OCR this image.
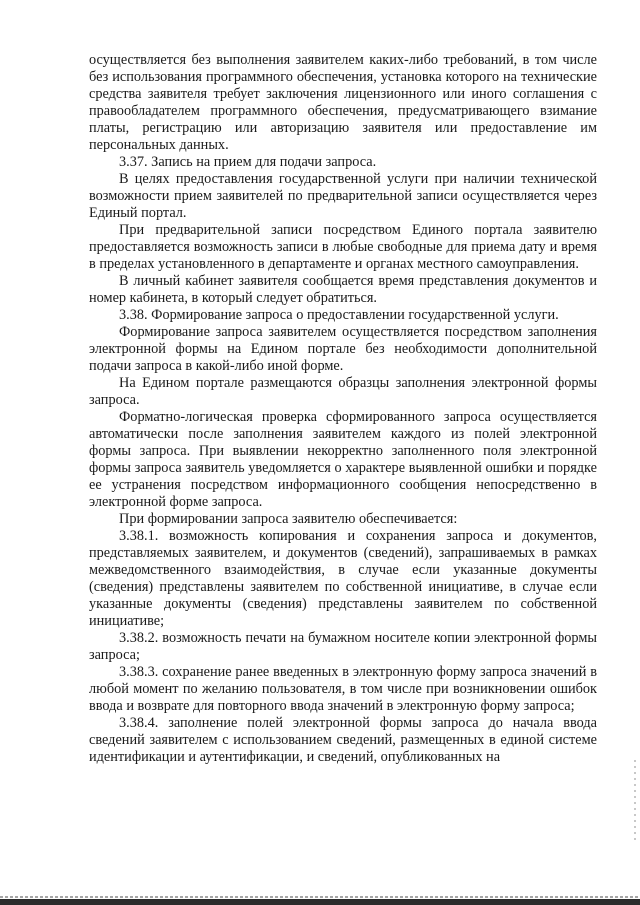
осуществляется без выполнения заявителем каких-либо требований, в том числе без использования программного обеспечения, установка которого на технические средства заявителя требует заключения лицензионного или иного соглашения с правообладателем программного обеспечения, предусматривающего взимание платы, регистрацию или авторизацию заявителя или предоставление им персональных данных.

3.37. Запись на прием для подачи запроса.

В целях предоставления государственной услуги при наличии технической возможности прием заявителей по предварительной записи осуществляется через Единый портал.

При предварительной записи посредством Единого портала заявителю предоставляется возможность записи в любые свободные для приема дату и время в пределах установленного в департаменте и органах местного самоуправления.

В личный кабинет заявителя сообщается время представления документов и номер кабинета, в который следует обратиться.

3.38. Формирование запроса о предоставлении государственной услуги.

Формирование запроса заявителем осуществляется посредством заполнения электронной формы на Едином портале без необходимости дополнительной подачи запроса в какой-либо иной форме.

На Едином портале размещаются образцы заполнения электронной формы запроса.

Форматно-логическая проверка сформированного запроса осуществляется автоматически после заполнения заявителем каждого из полей электронной формы запроса. При выявлении некорректно заполненного поля электронной формы запроса заявитель уведомляется о характере выявленной ошибки и порядке ее устранения посредством информационного сообщения непосредственно в электронной форме запроса.

При формировании запроса заявителю обеспечивается:

3.38.1. возможность копирования и сохранения запроса и документов, представляемых заявителем, и документов (сведений), запрашиваемых в рамках межведомственного взаимодействия, в случае если указанные документы (сведения) представлены заявителем по собственной инициативе, в случае если указанные документы (сведения) представлены заявителем по собственной инициативе;

3.38.2. возможность печати на бумажном носителе копии электронной формы запроса;

3.38.3. сохранение ранее введенных в электронную форму запроса значений в любой момент по желанию пользователя, в том числе при возникновении ошибок ввода и возврате для повторного ввода значений в электронную форму запроса;

3.38.4. заполнение полей электронной формы запроса до начала ввода сведений заявителем с использованием сведений, размещенных в единой системе идентификации и аутентификации, и сведений, опубликованных на
